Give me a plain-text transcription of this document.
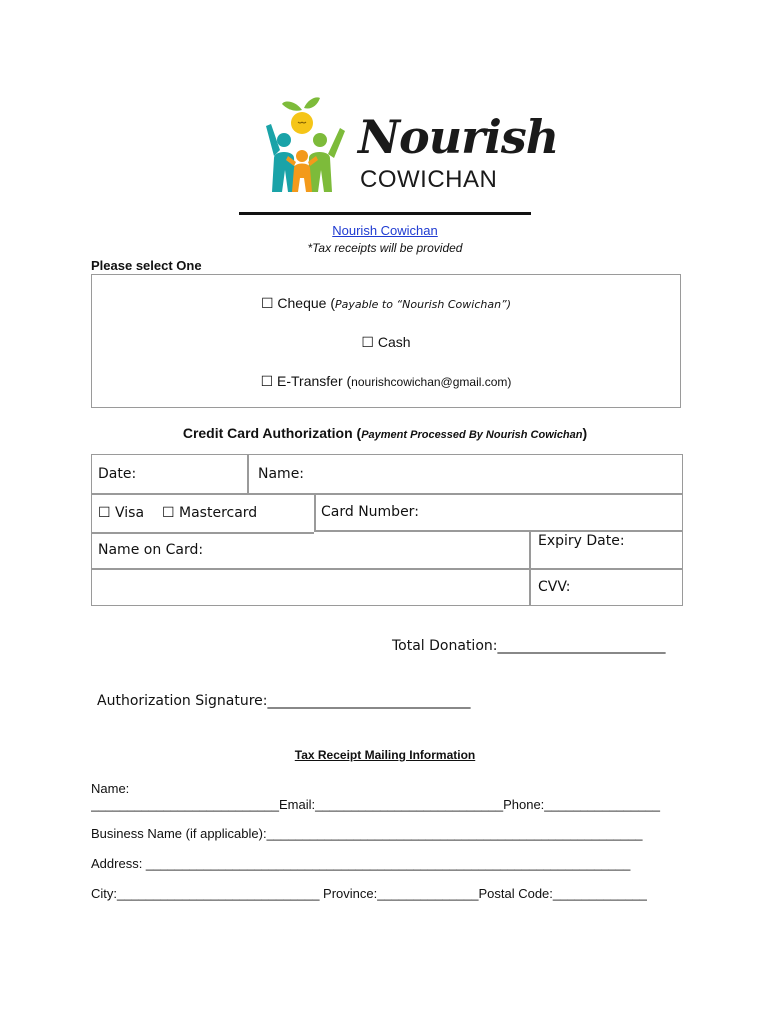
Nourish
COWICHAN
Nourish Cowichan
*Tax receipts will be provided
Please select One
☐ Cheque (Payable to “Nourish Cowichan”)
☐ Cash
☐ E-Transfer (nourishcowichan@gmail.com)
Credit Card Authorization (Payment Processed By Nourish Cowichan)
Date:	Name:
☐ Visa ☐ Mastercard	Card Number:
Name on Card:
Expiry Date:
CVV:
Total Donation:________________________
Authorization Signature:_____________________________
Tax Receipt Mailing Information
Name:
__________________________Email:__________________________Phone:________________
Business Name (if applicable):____________________________________________________
Address: ___________________________________________________________________
City:____________________________ Province:______________Postal Code:_____________
